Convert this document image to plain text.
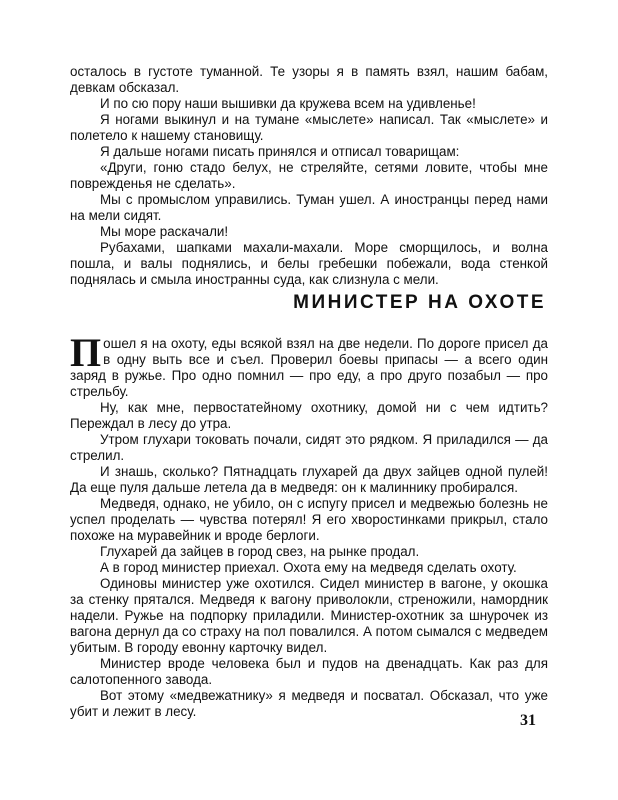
осталось в густоте туманной. Те узоры я в память взял, нашим бабам, девкам обсказал.

И по сю пору наши вышивки да кружева всем на удивленье!

Я ногами выкинул и на тумане «мыслете» написал. Так «мыслете» и полетело к нашему становищу.

Я дальше ногами писать принялся и отписал товарищам:

«Други, гоню стадо белух, не стреляйте, сетями ловите, чтобы мне поврежденья не сделать».

Мы с промыслом управились. Туман ушел. А иностранцы перед нами на мели сидят.

Мы море раскачали!

Рубахами, шапками махали-махали. Море сморщилось, и волна пошла, и валы поднялись, и белы гребешки побежали, вода стенкой поднялась и смыла иностранны суда, как слизнула с мели.

МИНИСТЕР НА ОХОТЕ

Пошел я на охоту, еды всякой взял на две недели. По дороге присел да в одну выть все и съел. Проверил боевы припасы — а всего один заряд в ружье. Про одно помнил — про еду, а про друго позабыл — про стрельбу.

Ну, как мне, первостатейному охотнику, домой ни с чем идтить? Переждал в лесу до утра.

Утром глухари токовать почали, сидят это рядком. Я приладился — да стрелил.

И знашь, сколько? Пятнадцать глухарей да двух зайцев одной пулей! Да еще пуля дальше летела да в медведя: он к малиннику пробирался.

Медведя, однако, не убило, он с испугу присел и медвежью болезнь не успел проделать — чувства потерял! Я его хворостинками прикрыл, стало похоже на муравейник и вроде берлоги.

Глухарей да зайцев в город свез, на рынке продал.

А в город министер приехал. Охота ему на медведя сделать охоту.

Одиновы министер уже охотился. Сидел министер в вагоне, у окошка за стенку прятался. Медведя к вагону приволокли, стреножили, намордник надели. Ружье на подпорку приладили. Министер-охотник за шнурочек из вагона дернул да со страху на пол повалился. А потом сымался с медведем убитым. В городу евонну карточку видел.

Министер вроде человека был и пудов на двенадцать. Как раз для салотопенного завода.

Вот этому «медвежатнику» я медведя и посватал. Обсказал, что уже убит и лежит в лесу.

31
